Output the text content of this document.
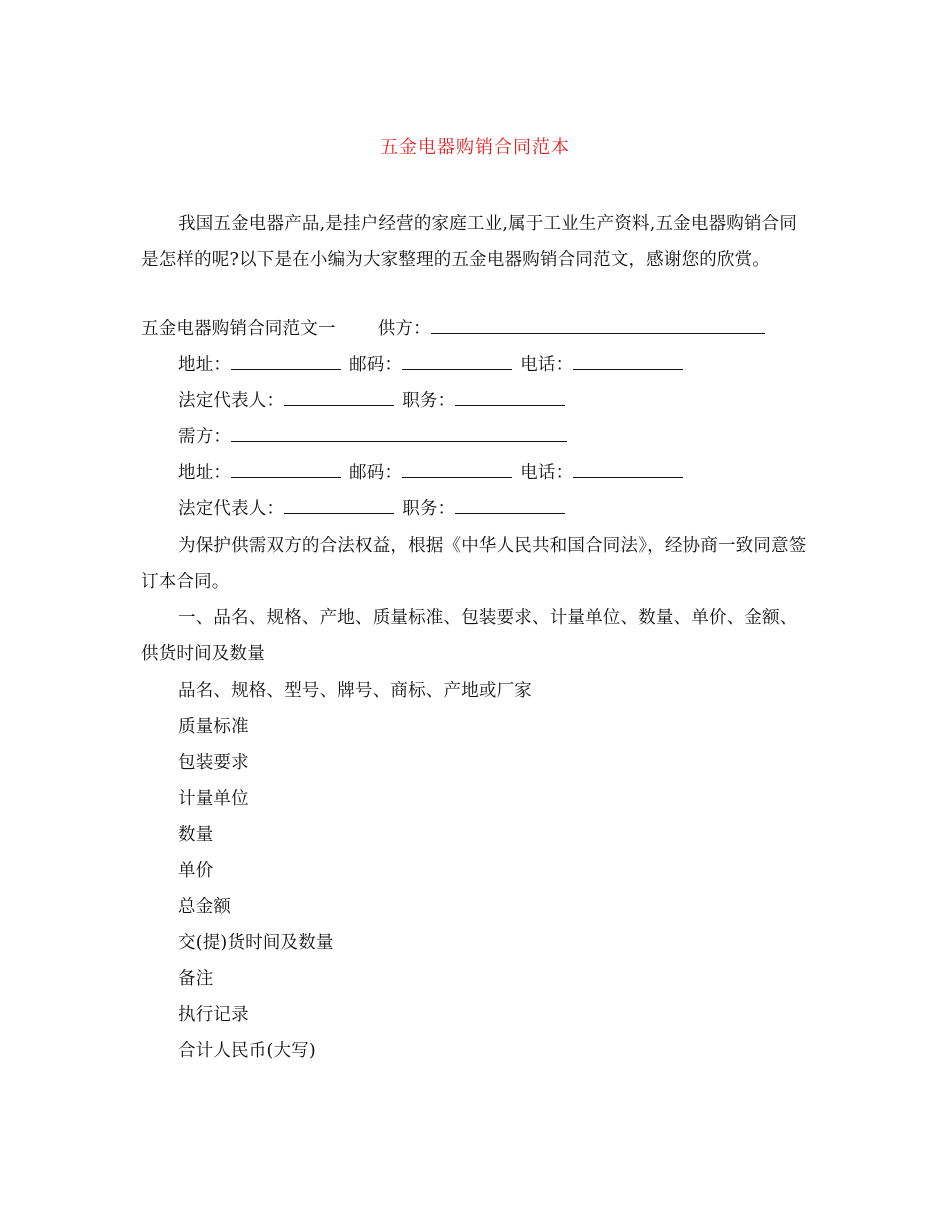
五金电器购销合同范本
我国五金电器产品,是挂户经营的家庭工业,属于工业生产资料,五金电器购销合同是怎样的呢?以下是在小编为大家整理的五金电器购销合同范文，感谢您的欣赏。
五金电器购销合同范文一 供方：
地址：	邮码：	电话：
法定代表人：	职务：
需方：
地址：	邮码：	电话：
法定代表人：	职务：
为保护供需双方的合法权益，根据《中华人民共和国合同法》，经协商一致同意签订本合同。
一、品名、规格、产地、质量标准、包装要求、计量单位、数量、单价、金额、供货时间及数量
品名、规格、型号、牌号、商标、产地或厂家
质量标准
包装要求
计量单位
数量
单价
总金额
交(提)货时间及数量
备注
执行记录
合计人民币(大写)
